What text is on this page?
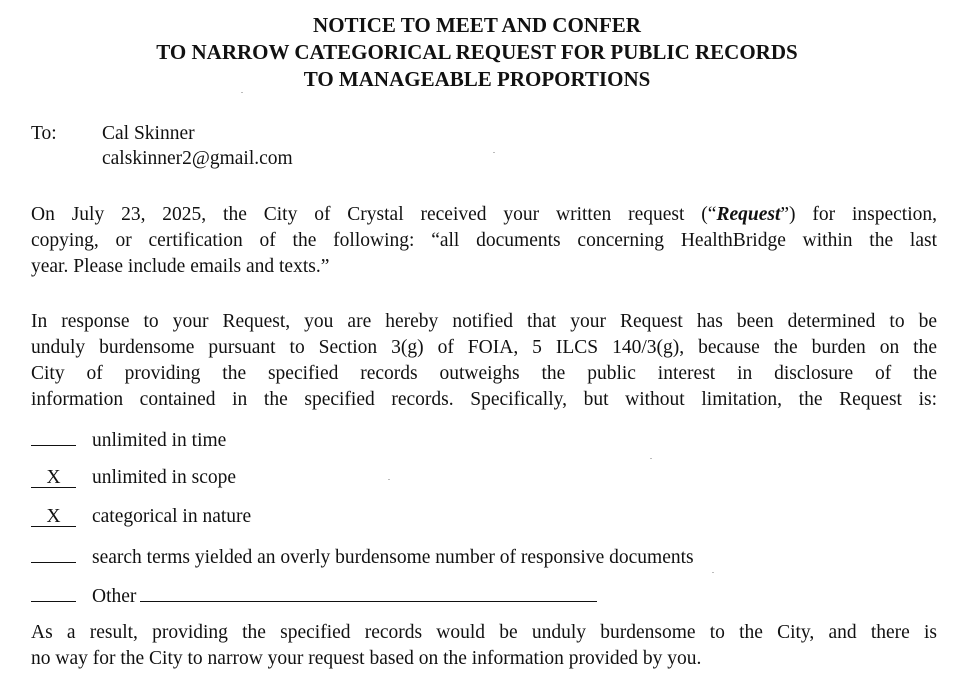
NOTICE TO MEET AND CONFER
TO NARROW CATEGORICAL REQUEST FOR PUBLIC RECORDS
TO MANAGEABLE PROPORTIONS
To: Cal Skinner
calskinner2@gmail.com
On July 23, 2025, the City of Crystal received your written request (“Request”) for inspection,
copying, or certification of the following: “all documents concerning HealthBridge within the last
year. Please include emails and texts.”
In response to your Request, you are hereby notified that your Request has been determined to be
unduly burdensome pursuant to Section 3(g) of FOIA, 5 ILCS 140/3(g), because the burden on the
City of providing the specified records outweighs the public interest in disclosure of the
information contained in the specified records. Specifically, but without limitation, the Request is:
unlimited in time
X unlimited in scope
X categorical in nature
search terms yielded an overly burdensome number of responsive documents
Other
As a result, providing the specified records would be unduly burdensome to the City, and there is
no way for the City to narrow your request based on the information provided by you.
